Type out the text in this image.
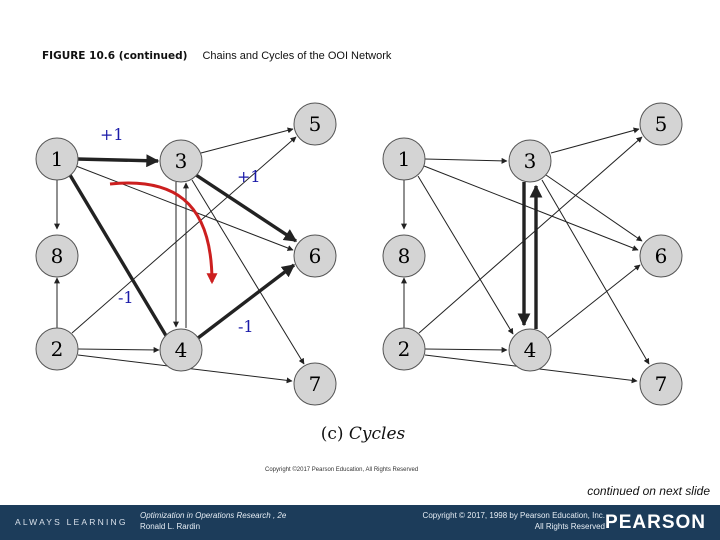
FIGURE 10.6 (continued) Chains and Cycles of the OOI Network
1
2
3
4
5
6
7
8
+1
+1
-1
-1
1
2
3
4
5
6
7
8
(c) Cycles
Copyright ©2017 Pearson Education, All Rights Reserved
continued on next slide
ALWAYS LEARNING
Optimization in Operations Research , 2e
Ronald L. Rardin
Copyright © 2017, 1998 by Pearson Education, Inc.
All Rights Reserved PEARSON
